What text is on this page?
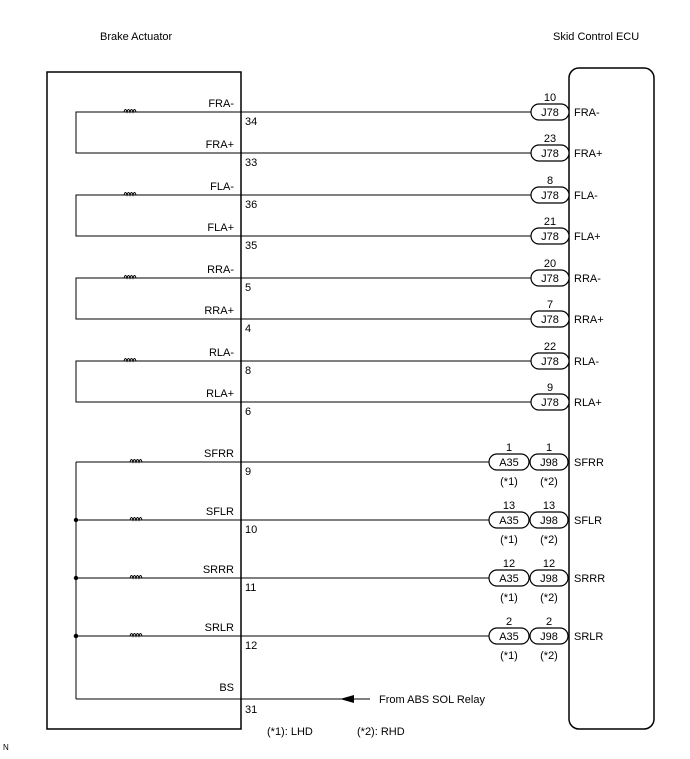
Brake Actuator	Skid Control ECU
FRA-
34
J78
10
FRA-
FRA+
33
J78
23
FRA+
FLA-
36
J78
8
FLA-
FLA+
35
J78
21
FLA+
RRA-
5
J78
20
RRA-
RRA+
4
J78
7
RRA+
RLA-
8
J78
22
RLA-
RLA+
6
J78
9
RLA+
SFRR
9
A35 J98
1	1
(*1) (*2)
SFRR
SFLR
10
A35 J98
13	13
(*1) (*2)
SFLR
SRRR
11
A35 J98
12	12
(*1) (*2)
SRRR
SRLR
12
A35 J98
2	2
(*1) (*2)
SRLR
BS
31
From ABS SOL Relay
(*1): LHD	(*2): RHD
N
